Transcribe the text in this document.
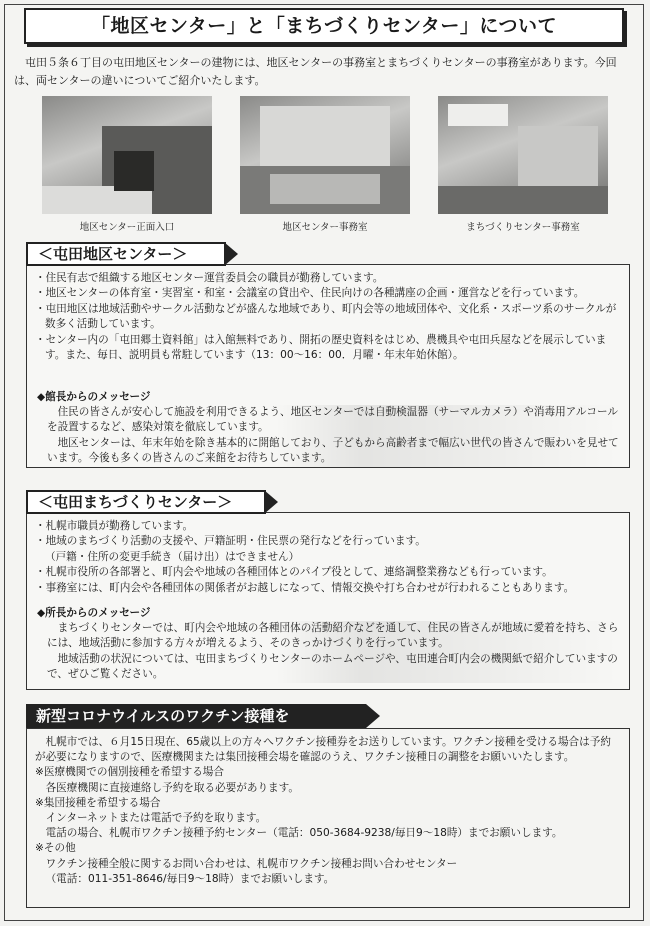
「地区センター」と「まちづくりセンター」について
屯田５条６丁目の屯田地区センターの建物には、地区センターの事務室とまちづくりセンターの事務室があります。今回は、両センターの違いについてご紹介いたします。
地区センター正面入口	地区センター事務室	まちづくりセンター事務室
＜屯田地区センター＞
・住民有志で組織する地区センター運営委員会の職員が勤務しています。
・地区センターの体育室・実習室・和室・会議室の貸出や、住民向けの各種講座の企画・運営などを行っています。
・屯田地区は地域活動やサークル活動などが盛んな地域であり、町内会等の地域団体や、文化系・スポーツ系のサークルが数多く活動しています。
・センター内の「屯田郷土資料館」は入館無料であり、開拓の歴史資料をはじめ、農機具や屯田兵屋などを展示しています。また、毎日、説明員も常駐しています（13：00～16：00．月曜・年末年始休館）。
◆館長からのメッセージ

住民の皆さんが安心して施設を利用できるよう、地区センターでは自動検温器（サーマルカメラ）や消毒用アルコールを設置するなど、感染対策を徹底しています。

地区センターは、年末年始を除き基本的に開館しており、子どもから高齢者まで幅広い世代の皆さんで賑わいを見せています。今後も多くの皆さんのご来館をお待ちしています。

＜屯田まちづくりセンター＞
・札幌市職員が勤務しています。
・地域のまちづくり活動の支援や、戸籍証明・住民票の発行などを行っています。
（戸籍・住所の変更手続き（届け出）はできません）
・札幌市役所の各部署と、町内会や地域の各種団体とのパイプ役として、連絡調整業務なども行っています。
・事務室には、町内会や各種団体の関係者がお越しになって、情報交換や打ち合わせが行われることもあります。
◆所長からのメッセージ

まちづくりセンターでは、町内会や地域の各種団体の活動紹介などを通して、住民の皆さんが地域に愛着を持ち、さらには、地域活動に参加する方々が増えるよう、そのきっかけづくりを行っています。

地域活動の状況については、屯田まちづくりセンターのホームページや、屯田連合町内会の機関紙で紹介していますので、ぜひご覧ください。

新型コロナウイルスのワクチン接種を
札幌市では、６月15日現在、65歳以上の方々へワクチン接種券をお送りしています。ワクチン接種を受ける場合は予約が必要になりますので、医療機関または集団接種会場を確認のうえ、ワクチン接種日の調整をお願いいたします。
※医療機関での個別接種を希望する場合
各医療機関に直接連絡し予約を取る必要があります。
※集団接種を希望する場合
インターネットまたは電話で予約を取ります。
電話の場合、札幌市ワクチン接種予約センター（電話：050-3684-9238/毎日9～18時）までお願いします。
※その他
ワクチン接種全般に関するお問い合わせは、札幌市ワクチン接種お問い合わせセンター
（電話：011-351-8646/毎日9～18時）までお願いします。
